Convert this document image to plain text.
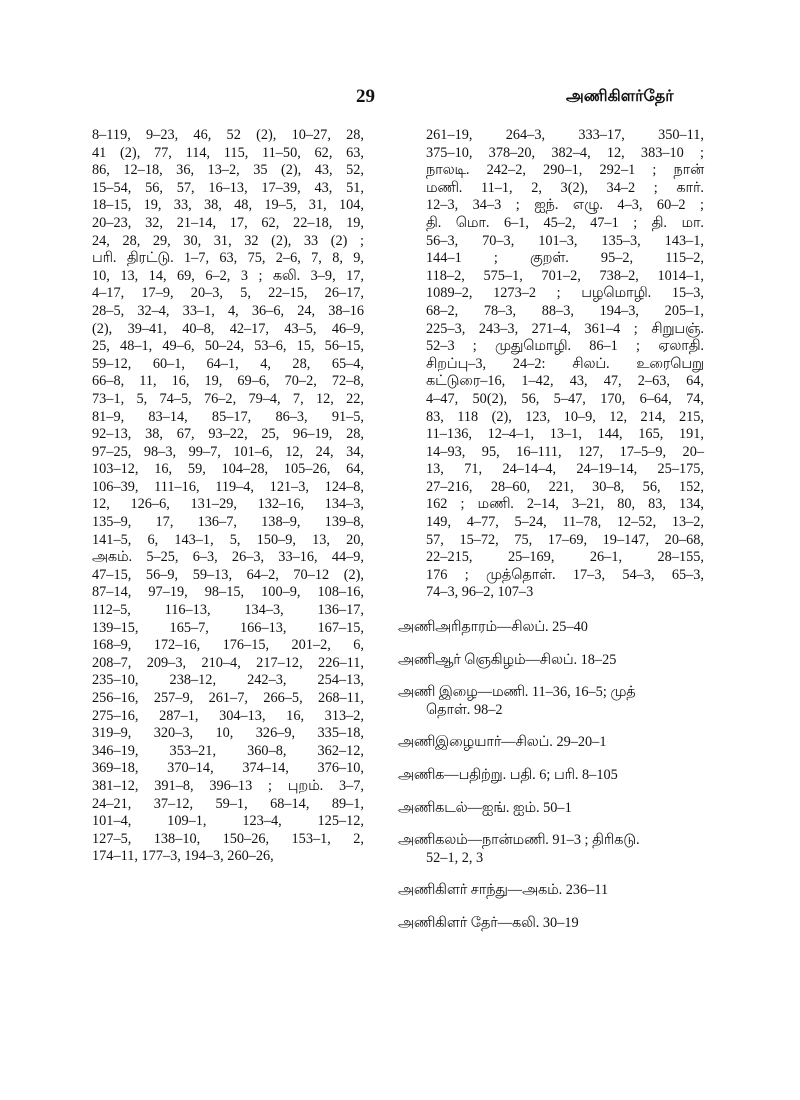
29	அணிகிளர்தேர்
8–119, 9–23, 46, 52 (2), 10–27, 28,
41 (2), 77, 114, 115, 11–50, 62, 63,
86, 12–18, 36, 13–2, 35 (2), 43, 52,
15–54, 56, 57, 16–13, 17–39, 43, 51,
18–15, 19, 33, 38, 48, 19–5, 31, 104,
20–23, 32, 21–14, 17, 62, 22–18, 19,
24, 28, 29, 30, 31, 32 (2), 33 (2) ;
பரி. திரட்டு. 1–7, 63, 75, 2–6, 7, 8, 9,
10, 13, 14, 69, 6–2, 3 ; கலி. 3–9, 17,
4–17, 17–9, 20–3, 5, 22–15, 26–17,
28–5, 32–4, 33–1, 4, 36–6, 24, 38–16
(2), 39–41, 40–8, 42–17, 43–5, 46–9,
25, 48–1, 49–6, 50–24, 53–6, 15, 56–15,
59–12, 60–1, 64–1, 4, 28, 65–4,
66–8, 11, 16, 19, 69–6, 70–2, 72–8,
73–1, 5, 74–5, 76–2, 79–4, 7, 12, 22,
81–9, 83–14, 85–17, 86–3, 91–5,
92–13, 38, 67, 93–22, 25, 96–19, 28,
97–25, 98–3, 99–7, 101–6, 12, 24, 34,
103–12, 16, 59, 104–28, 105–26, 64,
106–39, 111–16, 119–4, 121–3, 124–8,
12, 126–6, 131–29, 132–16, 134–3,
135–9, 17, 136–7, 138–9, 139–8,
141–5, 6, 143–1, 5, 150–9, 13, 20,
அகம். 5–25, 6–3, 26–3, 33–16, 44–9,
47–15, 56–9, 59–13, 64–2, 70–12 (2),
87–14, 97–19, 98–15, 100–9, 108–16,
112–5, 116–13, 134–3, 136–17,
139–15, 165–7, 166–13, 167–15,
168–9, 172–16, 176–15, 201–2, 6,
208–7, 209–3, 210–4, 217–12, 226–11,
235–10, 238–12, 242–3, 254–13,
256–16, 257–9, 261–7, 266–5, 268–11,
275–16, 287–1, 304–13, 16, 313–2,
319–9, 320–3, 10, 326–9, 335–18,
346–19, 353–21, 360–8, 362–12,
369–18, 370–14, 374–14, 376–10,
381–12, 391–8, 396–13 ; புறம். 3–7,
24–21, 37–12, 59–1, 68–14, 89–1,
101–4, 109–1, 123–4, 125–12,
127–5, 138–10, 150–26, 153–1, 2,
174–11, 177–3, 194–3, 260–26,
261–19, 264–3, 333–17, 350–11,
375–10, 378–20, 382–4, 12, 383–10 ;
நாலடி. 242–2, 290–1, 292–1 ; நான்
மணி. 11–1, 2, 3(2), 34–2 ; கார்.
12–3, 34–3 ; ஐந். எழு. 4–3, 60–2 ;
தி. மொ. 6–1, 45–2, 47–1 ; தி. மா.
56–3, 70–3, 101–3, 135–3, 143–1,
144–1 ; குறள். 95–2, 115–2,
118–2, 575–1, 701–2, 738–2, 1014–1,
1089–2, 1273–2 ; பழமொழி. 15–3,
68–2, 78–3, 88–3, 194–3, 205–1,
225–3, 243–3, 271–4, 361–4 ; சிறுபஞ்.
52–3 ; முதுமொழி. 86–1 ; ஏலாதி.
சிறப்பு–3, 24–2: சிலப். உரைபெறு
கட்டுரை–16, 1–42, 43, 47, 2–63, 64,
4–47, 50(2), 56, 5–47, 170, 6–64, 74,
83, 118 (2), 123, 10–9, 12, 214, 215,
11–136, 12–4–1, 13–1, 144, 165, 191,
14–93, 95, 16–111, 127, 17–5–9, 20–
13, 71, 24–14–4, 24–19–14, 25–175,
27–216, 28–60, 221, 30–8, 56, 152,
162 ; மணி. 2–14, 3–21, 80, 83, 134,
149, 4–77, 5–24, 11–78, 12–52, 13–2,
57, 15–72, 75, 17–69, 19–147, 20–68,
22–215, 25–169, 26–1, 28–155,
176 ; முத்தொள். 17–3, 54–3, 65–3,
74–3, 96–2, 107–3
அணிஅரிதாரம்—சிலப். 25–40
அணிஆர் ஞெகிழம்—சிலப். 18–25
அணி இழை—மணி. 11–36, 16–5; முத்
தொள். 98–2
அணிஇழையார்—சிலப். 29–20–1
அணிக—பதிற்று. பதி. 6; பரி. 8–105
அணிகடல்—ஐங். ஐம். 50–1
அணிகலம்—நான்மணி. 91–3 ; திரிகடு.
52–1, 2, 3
அணிகிளர் சாந்து—அகம். 236–11
அணிகிளர் தேர்—கலி. 30–19
